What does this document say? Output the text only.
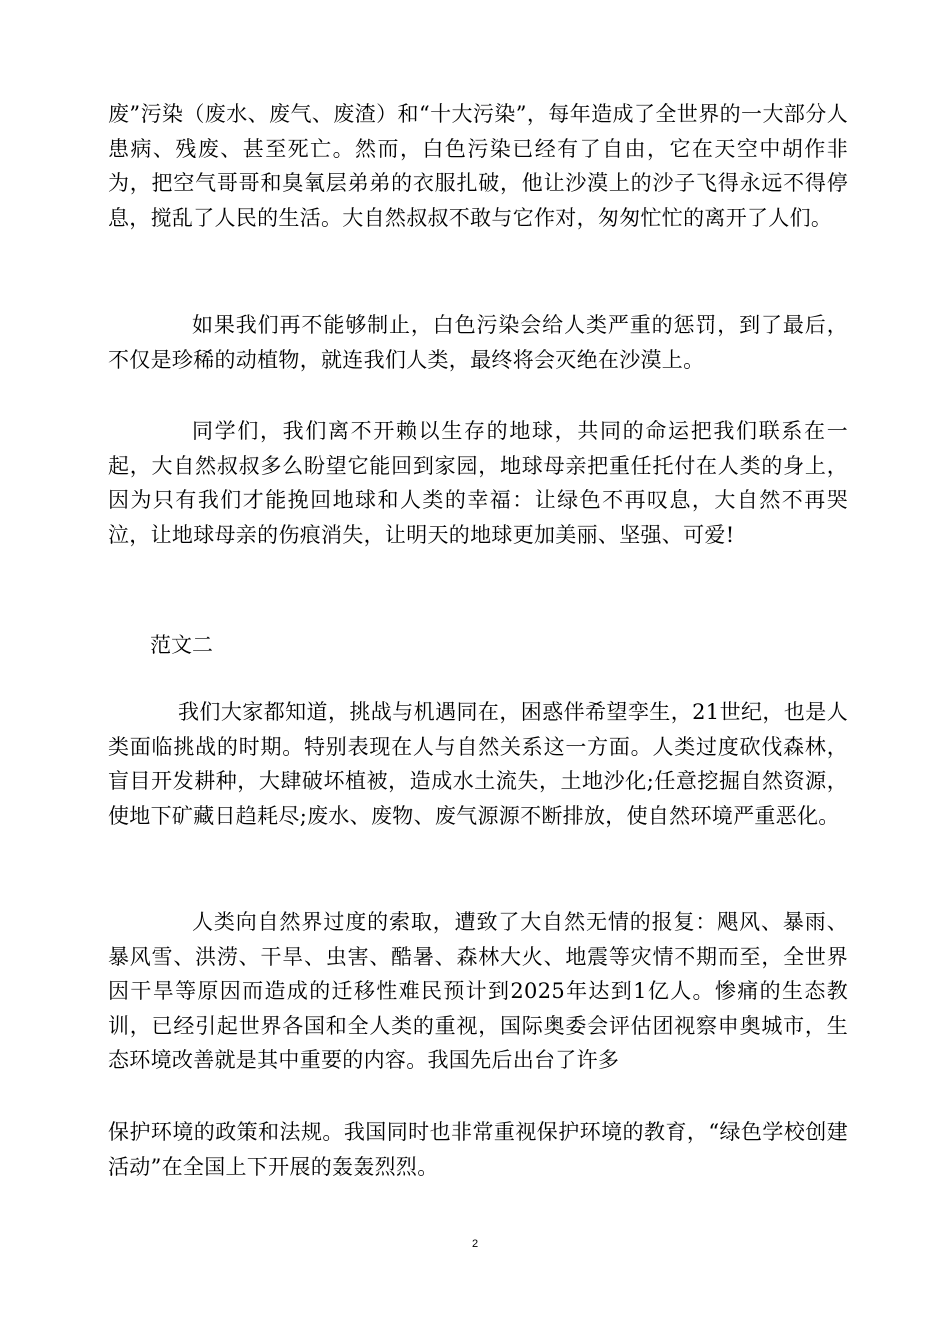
废”污染（废水、废气、废渣）和“十大污染”，每年造成了全世界的一大部分人患病、残废、甚至死亡。然而，白色污染已经有了自由，它在天空中胡作非为，把空气哥哥和臭氧层弟弟的衣服扎破，他让沙漠上的沙子飞得永远不得停息，搅乱了人民的生活。大自然叔叔不敢与它作对，匆匆忙忙的离开了人们。

如果我们再不能够制止，白色污染会给人类严重的惩罚，到了最后，不仅是珍稀的动植物，就连我们人类，最终将会灭绝在沙漠上。

同学们，我们离不开赖以生存的地球，共同的命运把我们联系在一起，大自然叔叔多么盼望它能回到家园，地球母亲把重任托付在人类的身上，因为只有我们才能挽回地球和人类的幸福：让绿色不再叹息，大自然不再哭泣，让地球母亲的伤痕消失，让明天的地球更加美丽、坚强、可爱!

范文二

我们大家都知道，挑战与机遇同在，困惑伴希望孪生，21世纪，也是人类面临挑战的时期。特别表现在人与自然关系这一方面。人类过度砍伐森林，盲目开发耕种，大肆破坏植被，造成水土流失，土地沙化;任意挖掘自然资源，使地下矿藏日趋耗尽;废水、废物、废气源源不断排放，使自然环境严重恶化。

人类向自然界过度的索取，遭致了大自然无情的报复：飓风、暴雨、暴风雪、洪涝、干旱、虫害、酷暑、森林大火、地震等灾情不期而至，全世界因干旱等原因而造成的迁移性难民预计到2025年达到1亿人。惨痛的生态教训，已经引起世界各国和全人类的重视，国际奥委会评估团视察申奥城市，生态环境改善就是其中重要的内容。我国先后出台了许多

保护环境的政策和法规。我国同时也非常重视保护环境的教育，“绿色学校创建活动”在全国上下开展的轰轰烈烈。

2
